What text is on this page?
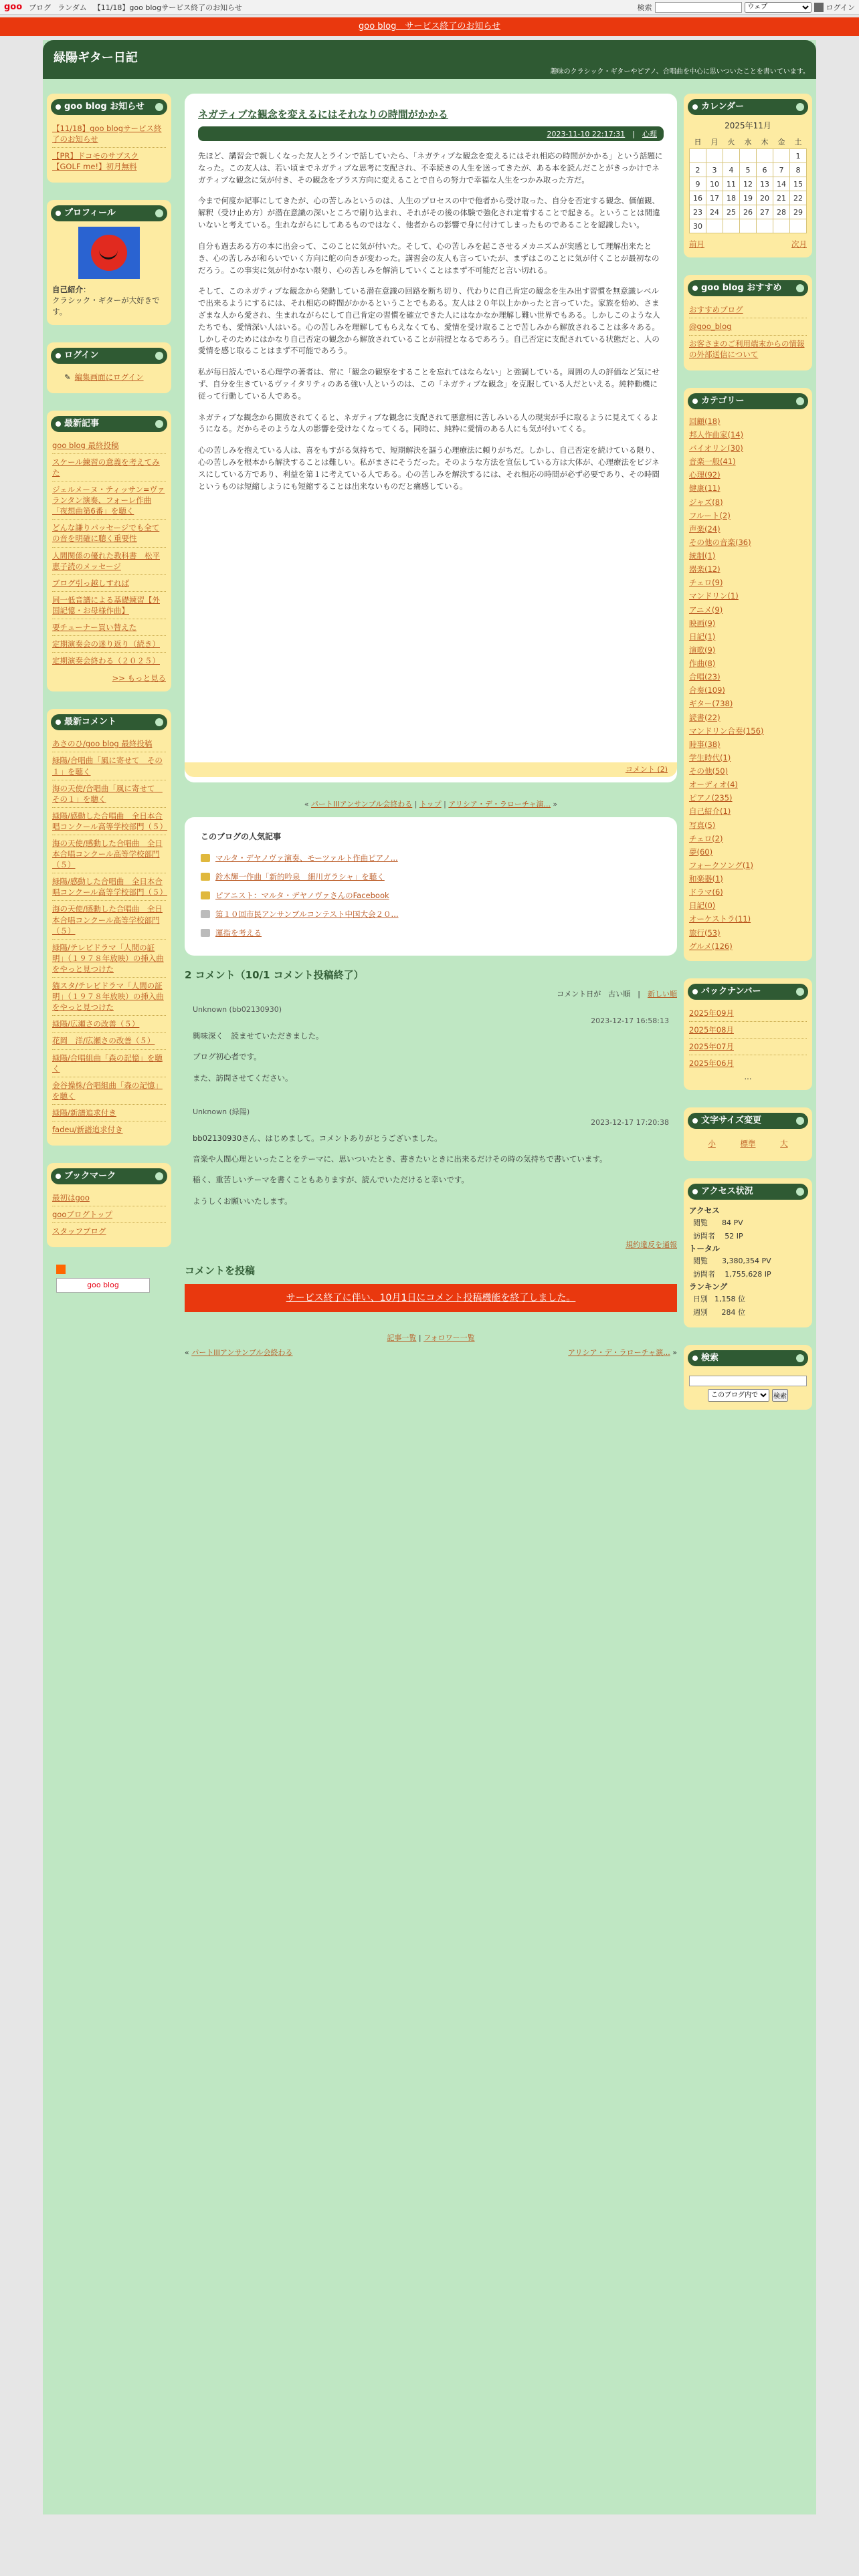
goo ブログ ランダム 【11/18】goo blogサービス終了のお知らせ	検索
ウェブ	ログイン
goo blog　サービス終了のお知らせ
緑陽ギター日記
趣味のクラシック・ギターやピアノ、合唱曲を中心に思いついたことを書いています。
goo blog お知らせ
【11/18】goo blogサービス終了のお知らせ
【PR】ドコモのサブスク【GOLF me!】初月無料
プロフィール
自己紹介：
クラシック・ギターが大好きです。
ログイン
✎ 編集画面にログイン
最新記事
goo blog 最終投稿
スケール練習の意義を考えてみた
ジェルメーヌ・ティッサン=ヴァランタン演奏、フォーレ作曲「夜想曲第6番」を聴く
どんな謙りパッセージでも全ての音を明確に聴く重要性
人間関係の優れた教科書　松平恵子読のメッセージ
ブログ引っ越しすれば
同一低音譜による基礎練習【外国記憶・お母様作曲】
要チューナー買い替えた
定期演奏会の迷り返り（続き）
定期演奏会終わる（２０２５）
>> もっと見る
最新コメント
あさのひ/goo blog 最終投稿
緑陽/合唱曲「風に寄せて　その１」を聴く
海の天使/合唱曲「風に寄せて　その１」を聴く
緑陽/感動した合唱曲　全日本合唱コンクール高等学校部門（５）
海の天使/感動した合唱曲　全日本合唱コンクール高等学校部門（５）
緑陽/感動した合唱曲　全日本合唱コンクール高等学校部門（５）
海の天使/感動した合唱曲　全日本合唱コンクール高等学校部門（５）
緑陽/テレビドラマ「人間の証明」（１９７８年放映）の挿入曲をやっと見つけた
猫スタ/テレビドラマ「人間の証明」（１９７８年放映）の挿入曲をやっと見つけた
緑陽/広瀬さの改善（５）
花岡　洋/広瀬さの改善（５）
緑陽/合唱組曲「森の記憶」を聴く
金谷操株/合唱組曲「森の記憶」を聴く
緑陽/新譜追求付き
fadeu/新譜追求付き
ブックマーク
最初はgoo
gooブログトップ
スタッフブログ
goo blog
ネガティブな観念を変えるにはそれなりの時間がかかる
2023-11-10 22:17:31　|　心理

先ほど、講習会で親しくなった友人とラインで話していたら、「ネガティブな観念を変えるにはそれ相応の時間がかかる」という話題になった。この友人は、若い頃までネガティブな思考に支配され、不幸続きの人生を送ってきたが、ある本を読んだことがきっかけでネガティブな観念に気が付き、その観念をプラス方向に変えることで自らの努力で幸福な人生をつかみ取った方だ。

今まで何度か記事にしてきたが、心の苦しみというのは、人生のプロセスの中で他者から受け取った、自分を否定する観念、価値観、解釈（受け止め方）が潜在意識の深いところで刷り込まれ、それがその後の体験で強化され定着することで起きる。ということは間違いないと考えている。生れながらにしてあるものではなく、他者からの影響で身に付けてしまったものであることを認識したい。

自分も過去ある方の本に出会って、このことに気が付いた。そして、心の苦しみを起こさせるメカニズムが実感として理解出来たとき、心の苦しみが和らいでいく方向に舵の向きが変わった。講習会の友人も言っていたが、まずはこのことに気が付くことが最初なのだろう。この事実に気が付かない限り、心の苦しみを解消していくことはまず不可能だと言い切れる。

そして、このネガティブな観念から発動している潜在意識の回路を断ち切り、代わりに自己肯定の観念を生み出す習慣を無意識レベルで出来るようにするには、それ相応の時間がかかるということでもある。友人は２０年以上かかったと言っていた。家族を始め、さまざまな人から愛され、生まれながらにして自己肯定の習慣を確立できた人にはなかなか理解し難い世界でもある。しかしこのような人たちでも、愛情深い人はいる。心の苦しみを理解してもらえなくても、愛情を受け取ることで苦しみから解放されることは多々ある。しかしそのためにはかなり自己否定の観念から解放されていることが前提となるであろう。自己否定に支配されている状態だと、人の愛情を感じ取ることはまず不可能であろう。

私が毎日読んでいる心理学の著者は、常に「観念の観察をすることを忘れてはならない」と強調している。周囲の人の評価など気にせず、自分を生きているヴァイタリティのある強い人というのは、この「ネガティブな観念」を克服している人だといえる。純粋動機に従って行動している人である。

ネガティブな観念から開放されてくると、ネガティブな観念に支配されて悪意相に苦しみいる人の現実が手に取るように見えてくるようになる。だからそのような人の影響を受けなくなってくる。同時に、純粋に愛情のある人にも気が付いてくる。

心の苦しみを抱えている人は、喜をもすがる気持ちで、短期解決を謳う心理療法に頼りがちだ。しかし、自己否定を続けている限り、心の苦しみを根本から解決することは難しい。私がまさにそうだった。そのような方法を宣伝している方は大体が、心理療法をビジネスにしている方であり、利益を第１に考えている人である。心の苦しみを解決するには、それ相応の時間が必ず必要であり、その時間というものは短縮しようにも短縮することは出来ないものだと痛感している。

コメント (2)
« パートIIIアンサンブル会終わる | トップ | アリシア・デ・ラローチャ演... »
このブログの人気記事
マルタ・デヤノヴァ演奏、モーツァルト作曲ピアノ...
鈴木輝一作曲「新的吟泉　細川ガラシャ」を聴く
ピアニスト：マルタ・デヤノヴァさんのFacebook
第１０回市民アンサンブルコンテスト中国大会２０...
運指を考える
2 コメント（10/1 コメント投稿終了）
コメント日が　 古い順　|　新しい順
Unknown (bb02130930)
2023-12-17 16:58:13

興味深く　読ませていただきました。

ブログ初心者です。

また、訪問させてください。

Unknown (緑陽)
2023-12-17 17:20:38

bb02130930さん、はじめまして。コメントありがとうございました。

音楽や人間心理といったことをテーマに、思いついたとき、書きたいときに出来るだけその時の気持ちで書いています。

稲く、重苦しいテーマを書くこともありますが、読んでいただけると幸いです。

ようしくお願いいたします。

規約違反を通報
コメントを投稿
サービス終了に伴い、10月1日にコメント投稿機能を終了しました。
記事一覧 | フォロワー一覧
« パートIIIアンサンブル会終わる	アリシア・デ・ラローチャ演... »
カレンダー
2025年11月
日	月	火	水	木	金	土
						1
2	3	4	5	6	7	8
9	10	11	12	13	14	15
16	17	18	19	20	21	22
23	24	25	26	27	28	29
30						
前月	次月
goo blog おすすめ
おすすめブログ
@goo_blog
お客さまのご利用端末からの情報の外部送信について
カテゴリー
回顧(18)
邦人作曲家(14)
バイオリン(30)
音楽一般(41)
心理(92)
健康(11)
ジャズ(8)
フルート(2)
声楽(24)
その他の音楽(36)
統制(1)
器楽(12)
チェロ(9)
マンドリン(1)
アニメ(9)
映画(9)
日記(1)
演歌(9)
作曲(8)
合唱(23)
合奏(109)
ギター(738)
読書(22)
マンドリン合奏(156)
時事(38)
学生時代(1)
その他(50)
オーディオ(4)
ピアノ(235)
自己紹介(1)
写真(5)
チェロ(2)
夢(60)
フォークソング(1)
和楽器(1)
ドラマ(6)
日記(0)
オーケストラ(11)
旅行(53)
グルメ(126)
バックナンバー
2025年09月
2025年08月
2025年07月
2025年06月
...
文字サイズ変更
小	標準	大
アクセス状況
アクセス
閲覧	84 PV
訪問者	52 IP
トータル
閲覧	3,380,354 PV
訪問者	1,755,628 IP
ランキング
日別	1,158 位
週別	284 位
検索
このブログ内で
検索
